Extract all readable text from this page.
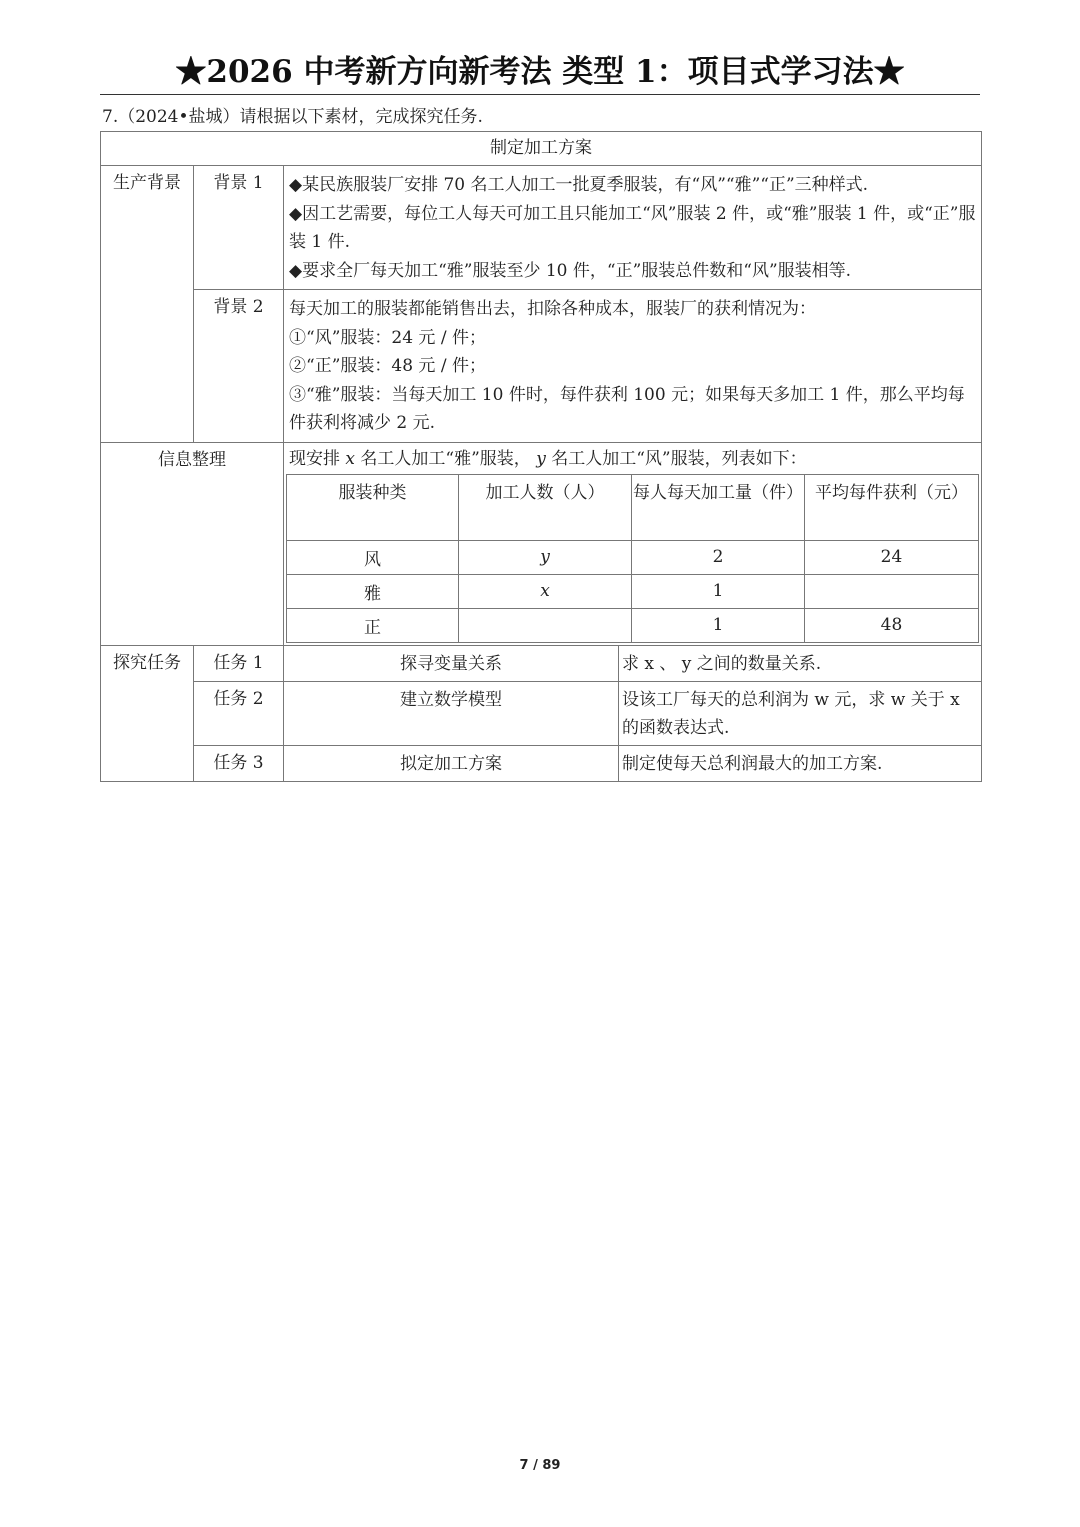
★2026 中考新方向新考法 类型 1：项目式学习法★
7.（2024•盐城）请根据以下素材，完成探究任务.
制定加工方案
生产背景	背景 1	◆某民族服装厂安排 70 名工人加工一批夏季服装，有“风”“雅”“正”三种样式.

◆因工艺需要，每位工人每天可加工且只能加工“风”服装 2 件，或“雅”服装 1 件，或“正”服装 1 件.

◆要求全厂每天加工“雅”服装至少 10 件，“正”服装总件数和“风”服装相等.

背景 2	每天加工的服装都能销售出去，扣除各种成本，服装厂的获利情况为：

①“风”服装：24 元 / 件；

②“正”服装：48 元 / 件；

③“雅”服装：当每天加工 10 件时，每件获利 100 元；如果每天多加工 1 件，那么平均每件获利将减少 2 元.

信息整理	现安排 x 名工人加工“雅”服装， y 名工人加工“风”服装，列表如下：
服装种类	加工人数（人）	每人每天加工量（件）	平均每件获利（元）
风	y	2	24
雅	x	1	
正		1	48

探究任务	任务 1	探寻变量关系	求 x 、 y 之间的数量关系.
任务 2	建立数学模型	设该工厂每天的总利润为 w 元，求 w 关于 x 的函数表达式.
任务 3	拟定加工方案	制定使每天总利润最大的加工方案.
7 / 89
